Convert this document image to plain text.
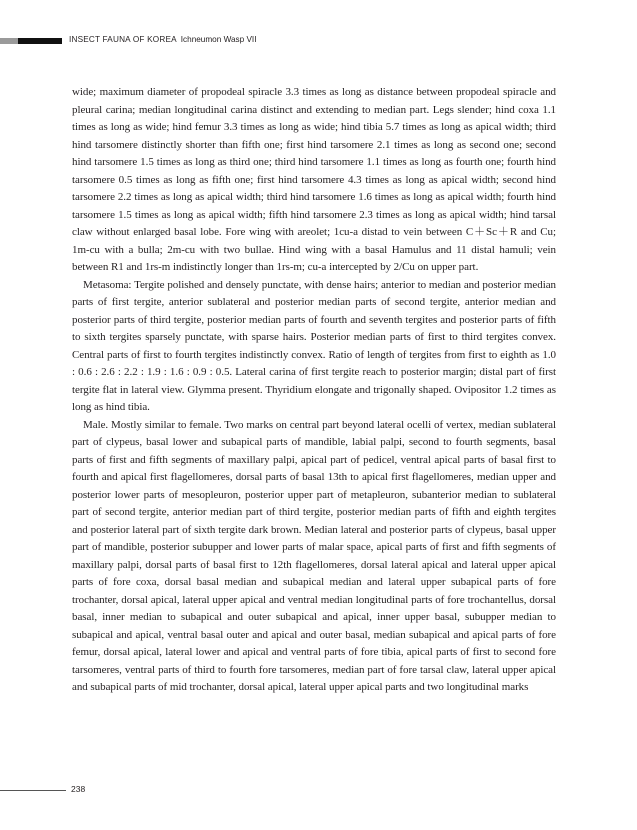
INSECT FAUNA OF KOREA Ichneumon Wasp VII

wide; maximum diameter of propodeal spiracle 3.3 times as long as distance between propodeal spiracle and pleural carina; median longitudinal carina distinct and extending to median part. Legs slender; hind coxa 1.1 times as long as wide; hind femur 3.3 times as long as wide; hind tibia 5.7 times as long as apical width; third hind tarsomere distinctly shorter than fifth one; first hind tarsomere 2.1 times as long as second one; second hind tarsomere 1.5 times as long as third one; third hind tarsomere 1.1 times as long as fourth one; fourth hind tarsomere 0.5 times as long as fifth one; first hind tarsomere 4.3 times as long as apical width; second hind tarsomere 2.2 times as long as apical width; third hind tarsomere 1.6 times as long as apical width; fourth hind tarsomere 1.5 times as long as apical width; fifth hind tarsomere 2.3 times as long as apical width; hind tarsal claw without enlarged basal lobe. Fore wing with areolet; 1cu-a distad to vein between C＋Sc＋R and Cu; 1m-cu with a bulla; 2m-cu with two bullae. Hind wing with a basal Hamulus and 11 distal hamuli; vein between R1 and 1rs-m indistinctly longer than 1rs-m; cu-a intercepted by 2/Cu on upper part.

Metasoma: Tergite polished and densely punctate, with dense hairs; anterior to median and posterior median parts of first tergite, anterior sublateral and posterior median parts of second tergite, anterior median and posterior parts of third tergite, posterior median parts of fourth and seventh tergites and posterior parts of fifth to sixth tergites sparsely punctate, with sparse hairs. Posterior median parts of first to third tergites convex. Central parts of first to fourth tergites indistinctly convex. Ratio of length of tergites from first to eighth as 1.0 : 0.6 : 2.6 : 2.2 : 1.9 : 1.6 : 0.9 : 0.5. Lateral carina of first tergite reach to posterior margin; distal part of first tergite flat in lateral view. Glymma present. Thyridium elongate and trigonally shaped. Ovipositor 1.2 times as long as hind tibia.

Male. Mostly similar to female. Two marks on central part beyond lateral ocelli of vertex, median sublateral part of clypeus, basal lower and subapical parts of mandible, labial palpi, second to fourth segments, basal parts of first and fifth segments of maxillary palpi, apical part of pedicel, ventral apical parts of basal first to fourth and apical first flagellomeres, dorsal parts of basal 13th to apical first flagellomeres, median upper and posterior lower parts of mesopleuron, posterior upper part of metapleuron, subanterior median to sublateral part of second tergite, anterior median part of third tergite, posterior median parts of fifth and eighth tergites and posterior lateral part of sixth tergite dark brown. Median lateral and posterior parts of clypeus, basal upper part of mandible, posterior subupper and lower parts of malar space, apical parts of first and fifth segments of maxillary palpi, dorsal parts of basal first to 12th flagellomeres, dorsal lateral apical and lateral upper apical parts of fore coxa, dorsal basal median and subapical median and lateral upper subapical parts of fore trochanter, dorsal apical, lateral upper apical and ventral median longitudinal parts of fore trochantellus, dorsal basal, inner median to subapical and outer subapical and apical, inner upper basal, subupper median to subapical and apical, ventral basal outer and apical and outer basal, median subapical and apical parts of fore femur, dorsal apical, lateral lower and apical and ventral parts of fore tibia, apical parts of first to second fore tarsomeres, ventral parts of third to fourth fore tarsomeres, median part of fore tarsal claw, lateral upper apical and subapical parts of mid trochanter, dorsal apical, lateral upper apical parts and two longitudinal marks

238
